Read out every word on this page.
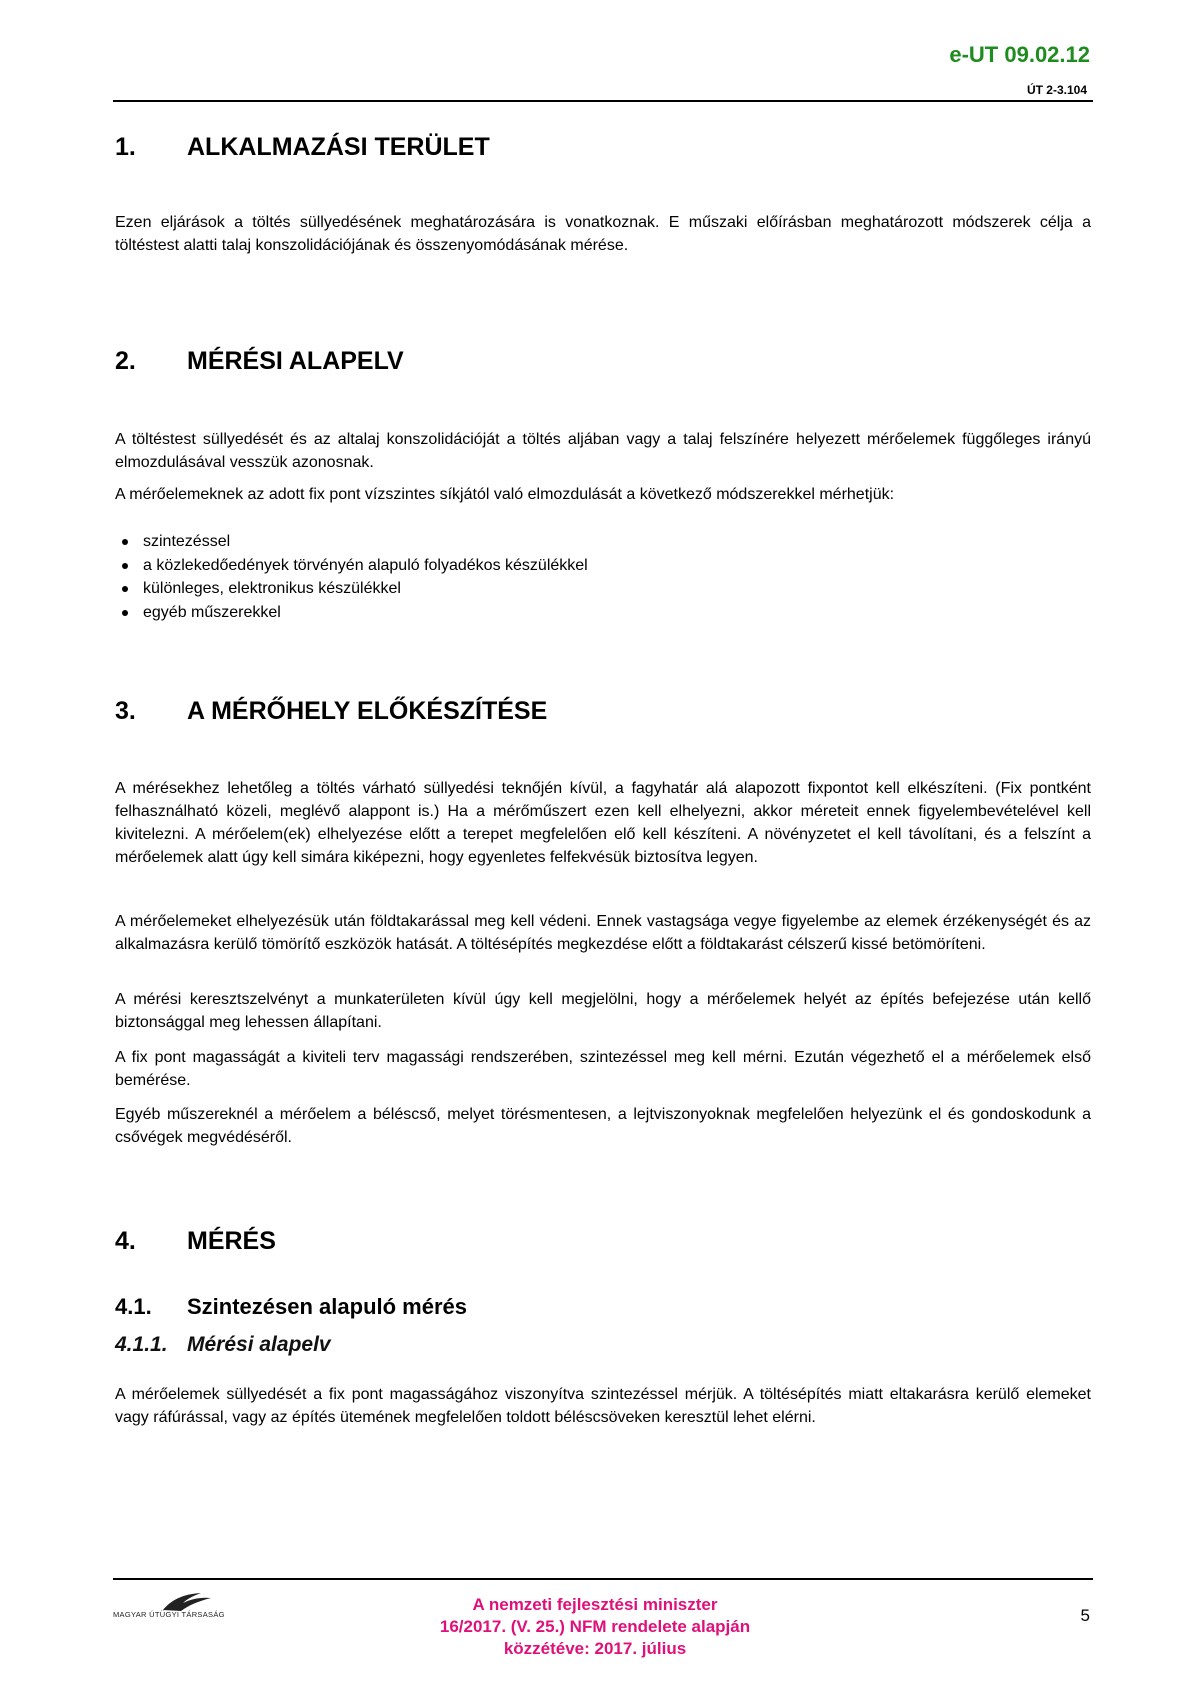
e-UT 09.02.12
ÚT 2-3.104
1. ALKALMAZÁSI TERÜLET

Ezen eljárások a töltés süllyedésének meghatározására is vonatkoznak. E műszaki előírásban meghatározott módszerek célja a töltéstest alatti talaj konszolidációjának és összenyomódásának mérése.

2. MÉRÉSI ALAPELV

A töltéstest süllyedését és az altalaj konszolidációját a töltés aljában vagy a talaj felszínére helyezett mérőelemek függőleges irányú elmozdulásával vesszük azonosnak.

A mérőelemeknek az adott fix pont vízszintes síkjától való elmozdulását a következő módszerekkel mérhetjük:

szintezéssel
a közlekedőedények törvényén alapuló folyadékos készülékkel
különleges, elektronikus készülékkel
egyéb műszerekkel
3. A MÉRŐHELY ELŐKÉSZÍTÉSE

A mérésekhez lehetőleg a töltés várható süllyedési teknőjén kívül, a fagyhatár alá alapozott fixpontot kell elkészíteni. (Fix pontként felhasználható közeli, meglévő alappont is.) Ha a mérőműszert ezen kell elhelyezni, akkor méreteit ennek figyelembevételével kell kivitelezni. A mérőelem(ek) elhelyezése előtt a terepet megfelelően elő kell készíteni. A növényzetet el kell távolítani, és a felszínt a mérőelemek alatt úgy kell simára kiképezni, hogy egyenletes felfekvésük biztosítva legyen.

A mérőelemeket elhelyezésük után földtakarással meg kell védeni. Ennek vastagsága vegye figyelembe az elemek érzékenységét és az alkalmazásra kerülő tömörítő eszközök hatását. A töltésépítés megkezdése előtt a földtakarást célszerű kissé betömöríteni.

A mérési keresztszelvényt a munkaterületen kívül úgy kell megjelölni, hogy a mérőelemek helyét az építés befejezése után kellő biztonsággal meg lehessen állapítani.

A fix pont magasságát a kiviteli terv magassági rendszerében, szintezéssel meg kell mérni. Ezután végezhető el a mérőelemek első bemérése.

Egyéb műszereknél a mérőelem a béléscső, melyet törésmentesen, a lejtviszonyoknak megfelelően helyezünk el és gondoskodunk a csővégek megvédéséről.

4. MÉRÉS
4.1. Szintezésen alapuló mérés
4.1.1. Mérési alapelv

A mérőelemek süllyedését a fix pont magasságához viszonyítva szintezéssel mérjük. A töltésépítés miatt eltakarásra kerülő elemeket vagy ráfúrással, vagy az építés ütemének megfelelően toldott béléscsöveken keresztül lehet elérni.

MAGYAR ÚTÜGYI TÁRSASÁG
A nemzeti fejlesztési miniszter
16/2017. (V. 25.) NFM rendelete alapján
közzétéve: 2017. július
5
